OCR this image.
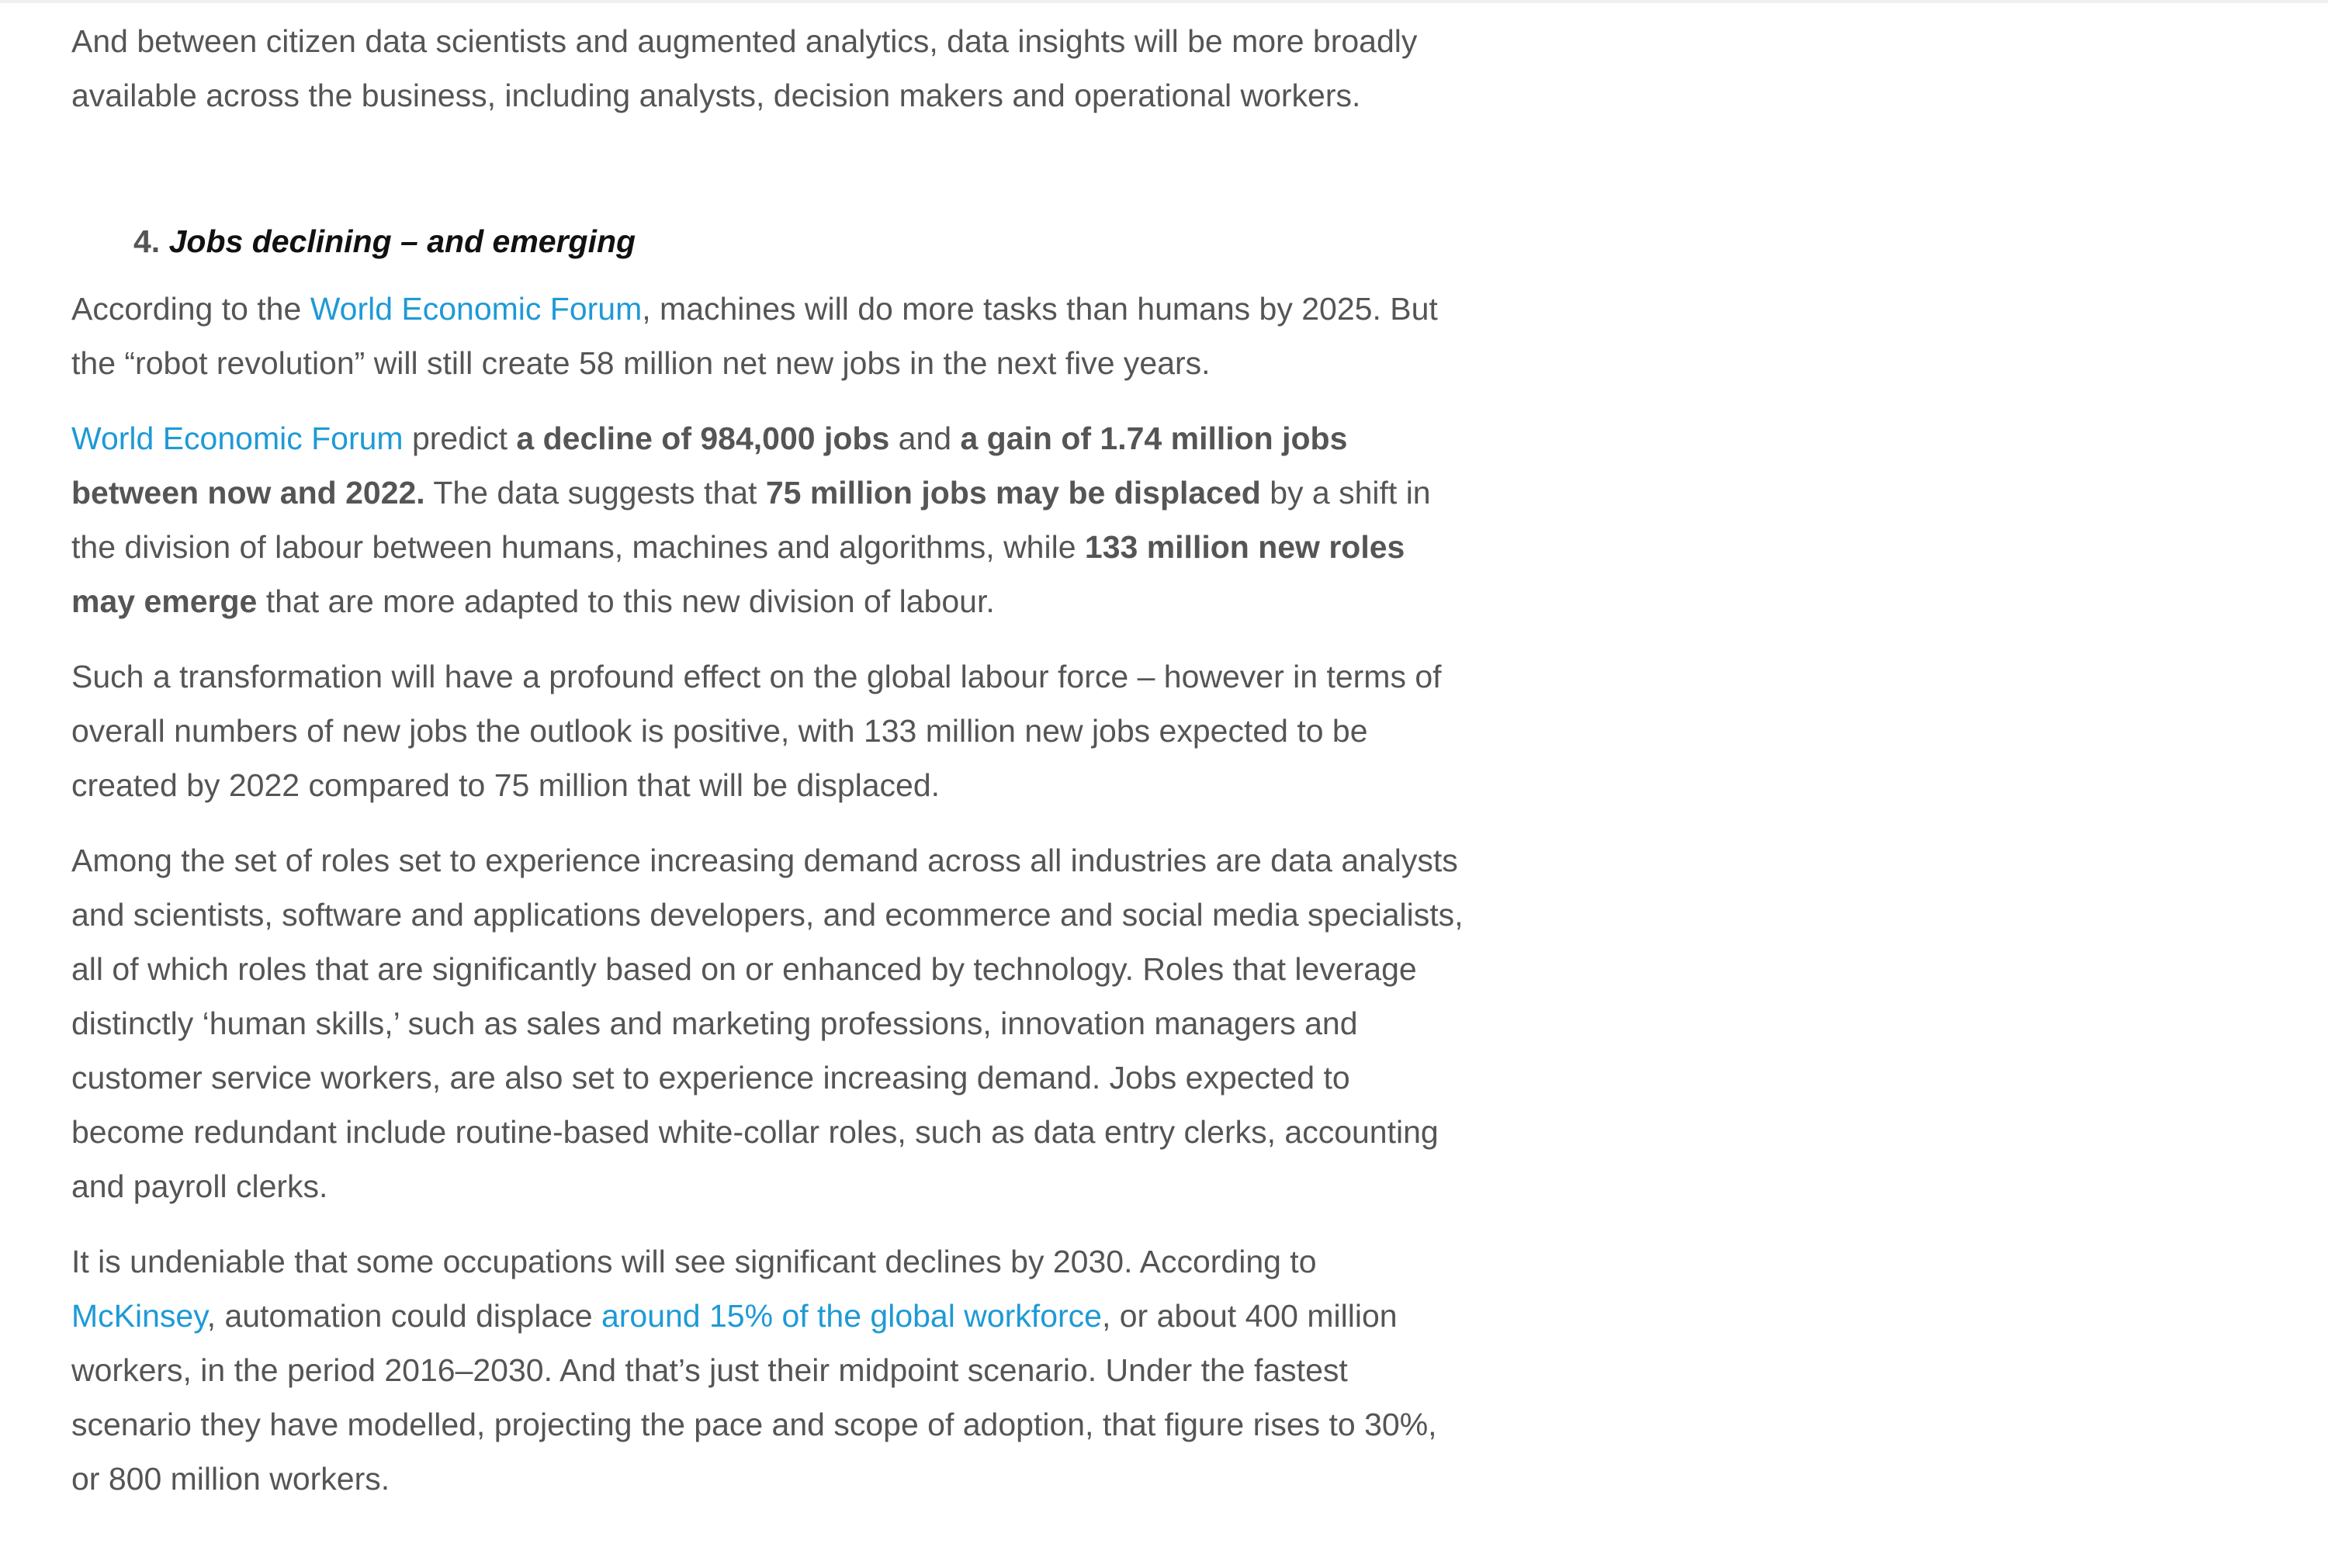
And between citizen data scientists and augmented analytics, data insights will be more broadly available across the business, including analysts, decision makers and operational workers.

4. Jobs declining – and emerging

According to the World Economic Forum, machines will do more tasks than humans by 2025. But the “robot revolution” will still create 58 million net new jobs in the next five years.

World Economic Forum predict a decline of 984,000 jobs and a gain of 1.74 million jobs between now and 2022. The data suggests that 75 million jobs may be displaced by a shift in the division of labour between humans, machines and algorithms, while 133 million new roles may emerge that are more adapted to this new division of labour.

Such a transformation will have a profound effect on the global labour force – however in terms of overall numbers of new jobs the outlook is positive, with 133 million new jobs expected to be created by 2022 compared to 75 million that will be displaced.

Among the set of roles set to experience increasing demand across all industries are data analysts and scientists, software and applications developers, and ecommerce and social media specialists, all of which roles that are significantly based on or enhanced by technology. Roles that leverage distinctly ‘human skills,’ such as sales and marketing professions, innovation managers and customer service workers, are also set to experience increasing demand. Jobs expected to become redundant include routine-based white-collar roles, such as data entry clerks, accounting and payroll clerks.

It is undeniable that some occupations will see significant declines by 2030. According to McKinsey, automation could displace around 15% of the global workforce, or about 400 million workers, in the period 2016–2030. And that’s just their midpoint scenario. Under the fastest scenario they have modelled, projecting the pace and scope of adoption, that figure rises to 30%, or 800 million workers.
